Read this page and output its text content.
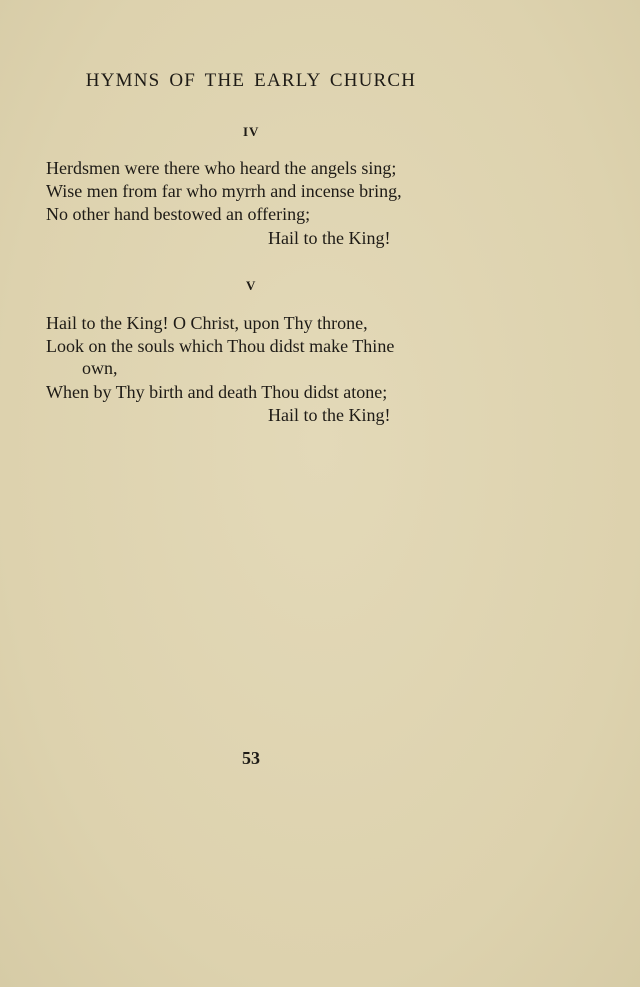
HYMNS OF THE EARLY CHURCH
IV
Herdsmen were there who heard the angels sing;
Wise men from far who myrrh and incense bring,
No other hand bestowed an offering;
Hail to the King!
V
Hail to the King! O Christ, upon Thy throne,
Look on the souls which Thou didst make Thine
own,
When by Thy birth and death Thou didst atone;
Hail to the King!
53
